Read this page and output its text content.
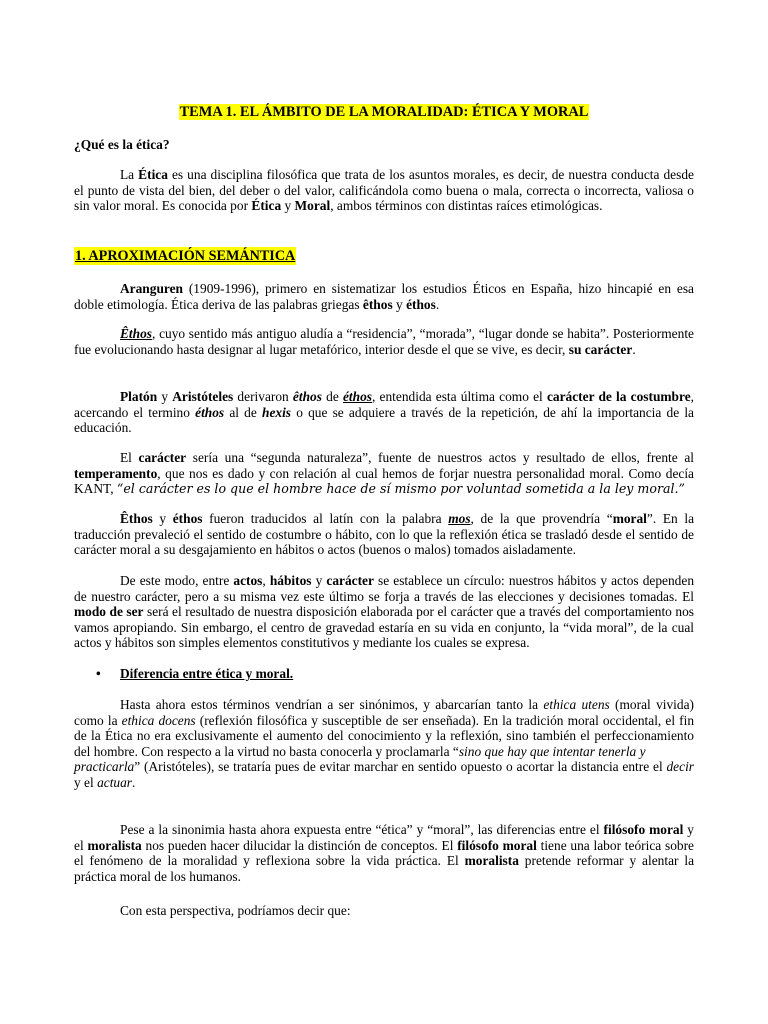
TEMA 1. EL ÁMBITO DE LA MORALIDAD: ÉTICA Y MORAL
¿Qué es la ética?

La Ética es una disciplina filosófica que trata de los asuntos morales, es decir, de nuestra conducta desde el punto de vista del bien, del deber o del valor, calificándola como buena o mala, correcta o incorrecta, valiosa o sin valor moral. Es conocida por Ética y Moral, ambos términos con distintas raíces etimológicas.

1. APROXIMACIÓN SEMÁNTICA

Aranguren (1909-1996), primero en sistematizar los estudios Éticos en España, hizo hincapié en esa doble etimología. Ética deriva de las palabras griegas êthos y éthos.

Êthos, cuyo sentido más antiguo aludía a “residencia”, “morada”, “lugar donde se habita”. Posteriormente fue evolucionando hasta designar al lugar metafórico, interior desde el que se vive, es decir, su carácter.

Platón y Aristóteles derivaron êthos de éthos, entendida esta última como el carácter de la costumbre, acercando el termino éthos al de hexis o que se adquiere a través de la repetición, de ahí la importancia de la educación.

El carácter sería una “segunda naturaleza”, fuente de nuestros actos y resultado de ellos, frente al temperamento, que nos es dado y con relación al cual hemos de forjar nuestra personalidad moral. Como decía KANT, “el carácter es lo que el hombre hace de sí mismo por voluntad sometida a la ley moral.”

Êthos y éthos fueron traducidos al latín con la palabra mos, de la que provendría “moral”. En la traducción prevaleció el sentido de costumbre o hábito, con lo que la reflexión ética se trasladó desde el sentido de carácter moral a su desgajamiento en hábitos o actos (buenos o malos) tomados aisladamente.

De este modo, entre actos, hábitos y carácter se establece un círculo: nuestros hábitos y actos dependen de nuestro carácter, pero a su misma vez este último se forja a través de las elecciones y decisiones tomadas. El modo de ser será el resultado de nuestra disposición elaborada por el carácter que a través del comportamiento nos vamos apropiando. Sin embargo, el centro de gravedad estaría en su vida en conjunto, la “vida moral”, de la cual actos y hábitos son simples elementos constitutivos y mediante los cuales se expresa.

• Diferencia entre ética y moral.

Hasta ahora estos términos vendrían a ser sinónimos, y abarcarían tanto la ethica utens (moral vivida) como la ethica docens (reflexión filosófica y susceptible de ser enseñada). En la tradición moral occidental, el fin de la Ética no era exclusivamente el aumento del conocimiento y la reflexión, sino también el perfeccionamiento del hombre. Con respecto a la virtud no basta conocerla y proclamarla “sino que hay que intentar tenerla y
practicarla” (Aristóteles), se trataría pues de evitar marchar en sentido opuesto o acortar la distancia entre el decir y el actuar.

Pese a la sinonimia hasta ahora expuesta entre “ética” y “moral”, las diferencias entre el filósofo moral y el moralista nos pueden hacer dilucidar la distinción de conceptos. El filósofo moral tiene una labor teórica sobre el fenómeno de la moralidad y reflexiona sobre la vida práctica. El moralista pretende reformar y alentar la práctica moral de los humanos.

Con esta perspectiva, podríamos decir que:
